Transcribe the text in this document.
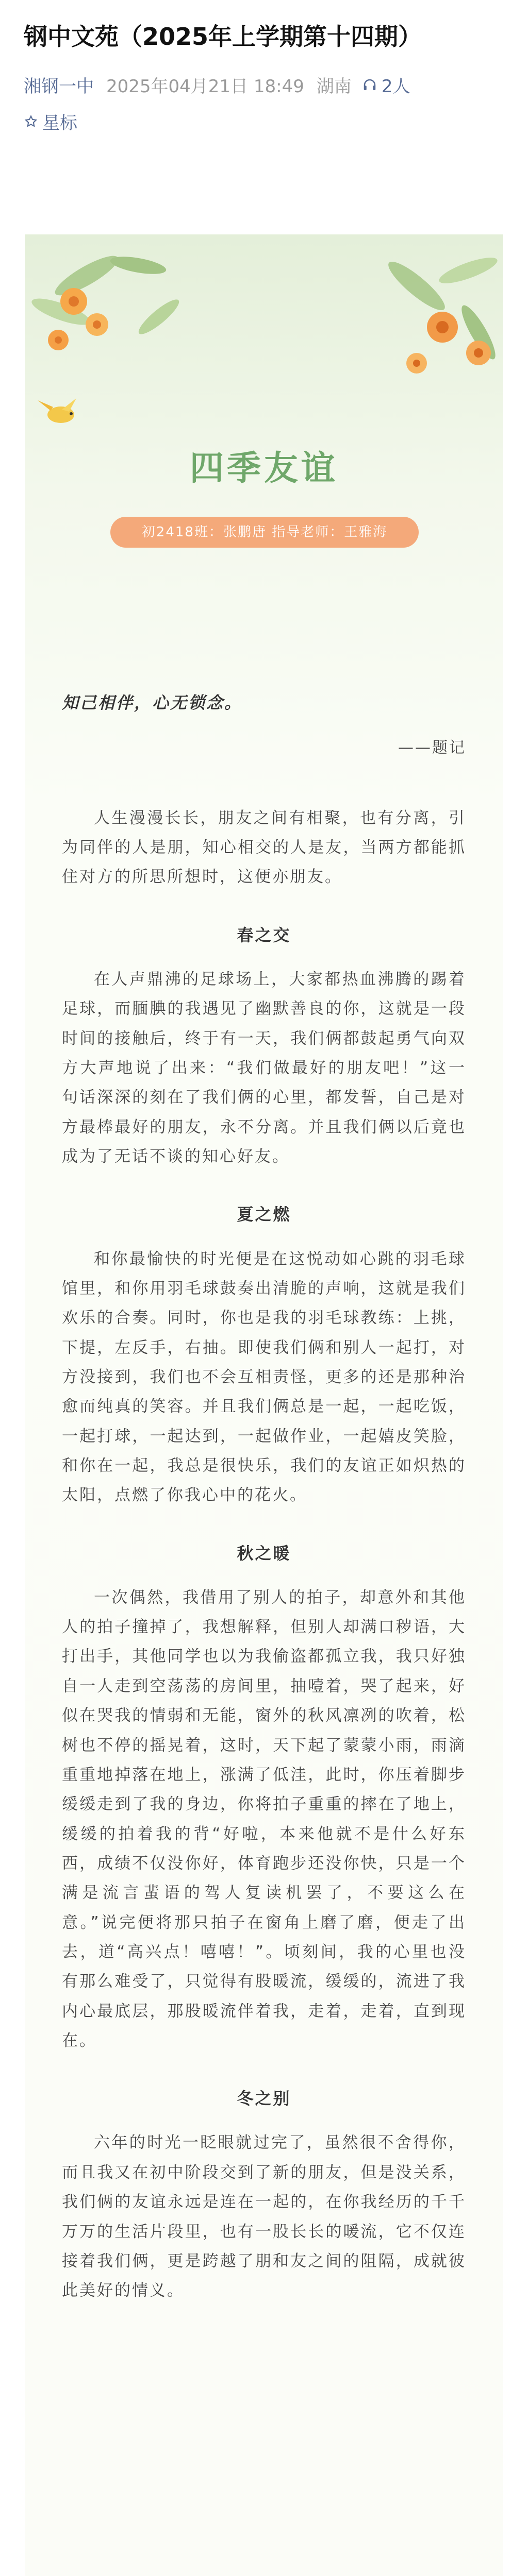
钢中文苑（2025年上学期第十四期）
湘钢一中 2025年04月21日 18:49 湖南 2人
星标
四季友谊
初2418班：张鹏唐 指导老师：王雅海
知己相伴，心无锁念。
——题记

人生漫漫长长，朋友之间有相聚，也有分离，引为同伴的人是朋，知心相交的人是友，当两方都能抓住对方的所思所想时，这便亦朋友。

春之交

在人声鼎沸的足球场上，大家都热血沸腾的踢着足球，而腼腆的我遇见了幽默善良的你，这就是一段时间的接触后，终于有一天，我们俩都鼓起勇气向双方大声地说了出来：“我们做最好的朋友吧！”这一句话深深的刻在了我们俩的心里，都发誓，自己是对方最棒最好的朋友，永不分离。并且我们俩以后竟也成为了无话不谈的知心好友。

夏之燃

和你最愉快的时光便是在这悦动如心跳的羽毛球馆里，和你用羽毛球鼓奏出清脆的声响，这就是我们欢乐的合奏。同时，你也是我的羽毛球教练：上挑，下提，左反手，右抽。即使我们俩和别人一起打，对方没接到，我们也不会互相责怪，更多的还是那种治愈而纯真的笑容。并且我们俩总是一起，一起吃饭，一起打球，一起达到，一起做作业，一起嬉皮笑脸，和你在一起，我总是很快乐，我们的友谊正如炽热的太阳，点燃了你我心中的花火。

秋之暖

一次偶然，我借用了别人的拍子，却意外和其他人的拍子撞掉了，我想解释，但别人却满口秽语，大打出手，其他同学也以为我偷盗都孤立我，我只好独自一人走到空荡荡的房间里，抽噎着，哭了起来，好似在哭我的情弱和无能，窗外的秋风凛冽的吹着，松树也不停的摇晃着，这时，天下起了蒙蒙小雨，雨滴重重地掉落在地上，涨满了低洼，此时，你压着脚步缓缓走到了我的身边，你将拍子重重的摔在了地上，缓缓的拍着我的背“好啦，本来他就不是什么好东西，成绩不仅没你好，体育跑步还没你快，只是一个满是流言蜚语的驾人复读机罢了，不要这么在意。”说完便将那只拍子在窗角上磨了磨，便走了出去，道“高兴点！嘻嘻！”。顷刻间，我的心里也没有那么难受了，只觉得有股暖流，缓缓的，流进了我内心最底层，那股暖流伴着我，走着，走着，直到现在。

冬之别

六年的时光一眨眼就过完了，虽然很不舍得你，而且我又在初中阶段交到了新的朋友，但是没关系，我们俩的友谊永远是连在一起的，在你我经历的千千万万的生活片段里，也有一股长长的暖流，它不仅连接着我们俩，更是跨越了朋和友之间的阻隔，成就彼此美好的情义。
